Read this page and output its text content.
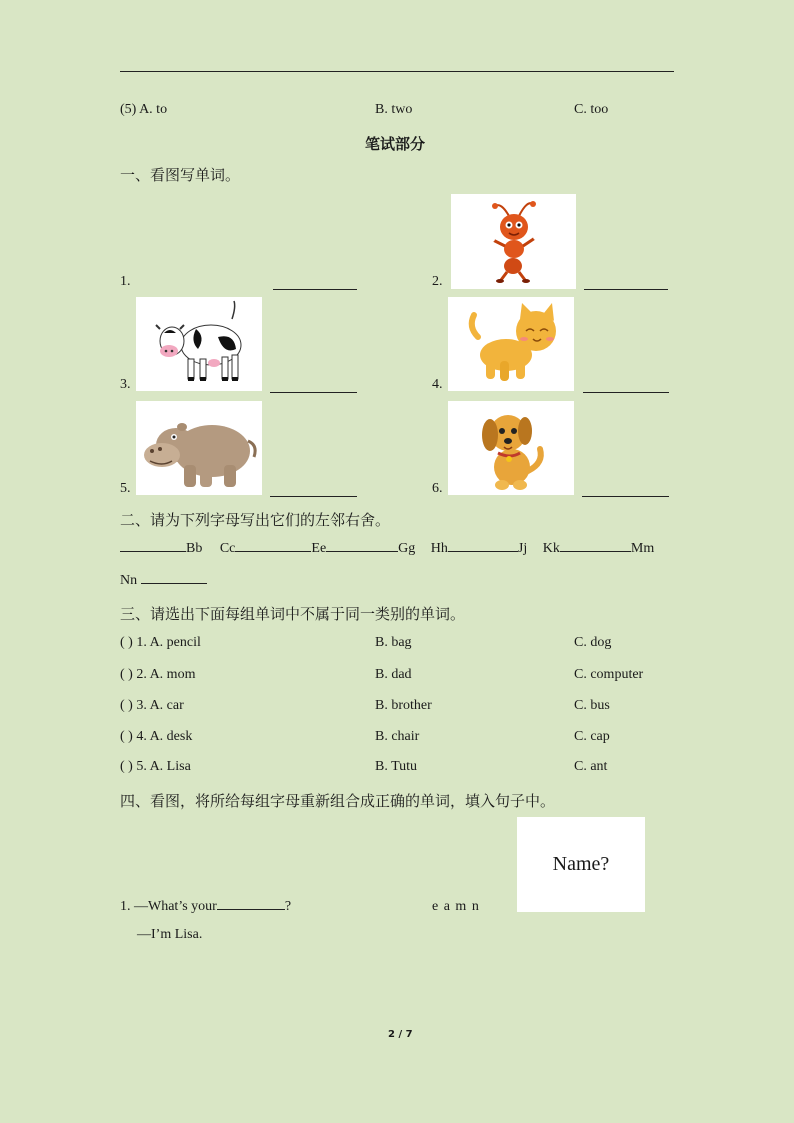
(5) A. to	B. two	C. too
笔试部分
一、看图写单词。
1.	2.
3.	4.
5.	6.
二、请为下列字母写出它们的左邻右舍。
Bb Cc	Ee	Gg Hh	Jj Kk	Mm
Nn
三、请选出下面每组单词中不属于同一类别的单词。
( ) 1. A. pencil	B. bag	C. dog
( ) 2. A. mom	B. dad	C. computer
( ) 3. A. car	B. brother	C. bus
( ) 4. A. desk	B. chair	C. cap
( ) 5. A. Lisa	B. Tutu	C. ant
四、看图，将所给每组字母重新组合成正确的单词，填入句子中。
Name?
1. —What’s your	?	e a m n
—I’m Lisa.
2 / 7
